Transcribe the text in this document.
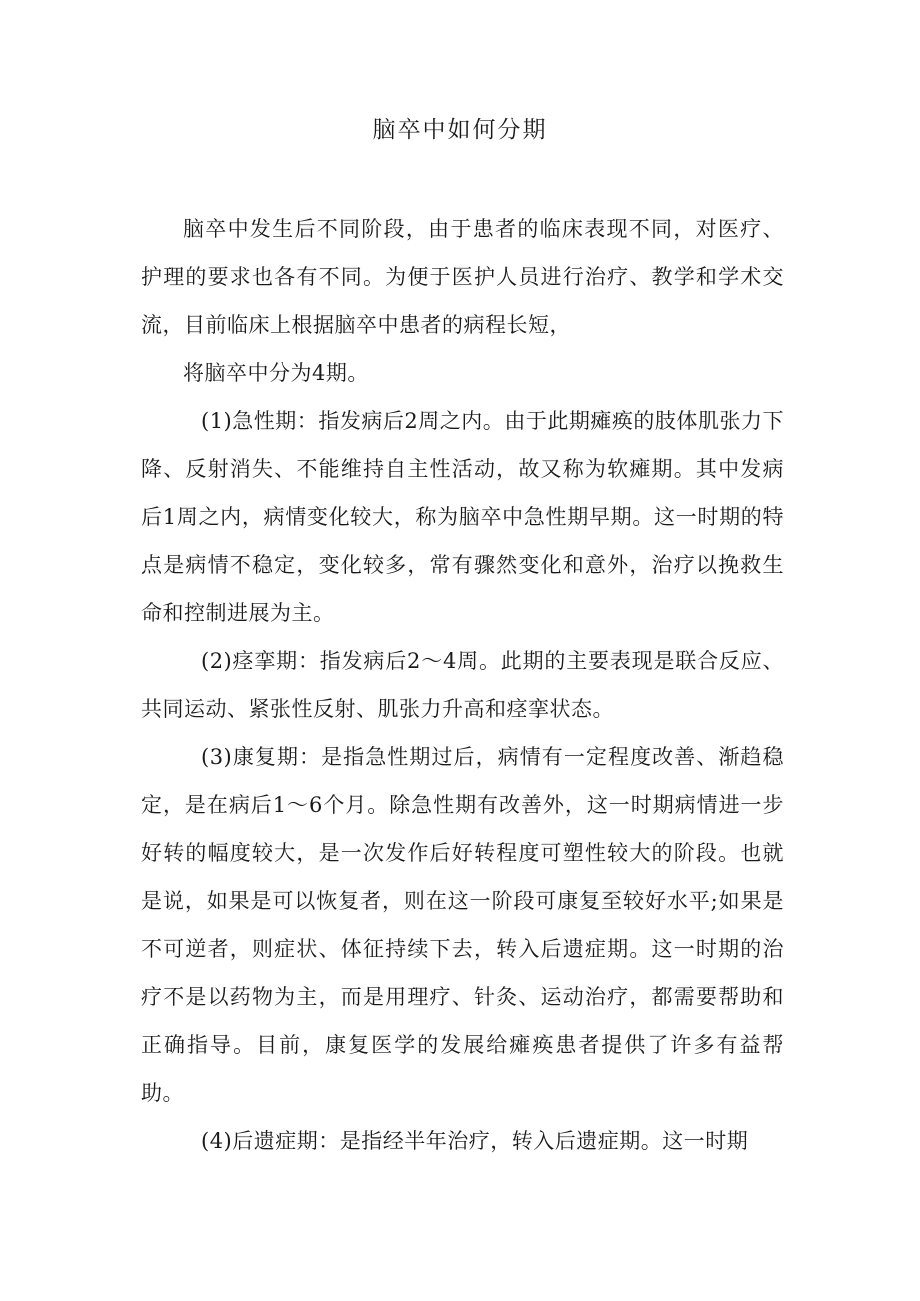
脑卒中如何分期

脑卒中发生后不同阶段，由于患者的临床表现不同，对医疗、护理的要求也各有不同。为便于医护人员进行治疗、教学和学术交流，目前临床上根据脑卒中患者的病程长短，

将脑卒中分为4期。

(1)急性期：指发病后2周之内。由于此期瘫痪的肢体肌张力下降、反射消失、不能维持自主性活动，故又称为软瘫期。其中发病后1周之内，病情变化较大，称为脑卒中急性期早期。这一时期的特点是病情不稳定，变化较多，常有骤然变化和意外，治疗以挽救生命和控制进展为主。

(2)痉挛期：指发病后2～4周。此期的主要表现是联合反应、共同运动、紧张性反射、肌张力升高和痉挛状态。

(3)康复期：是指急性期过后，病情有一定程度改善、渐趋稳定，是在病后1～6个月。除急性期有改善外，这一时期病情进一步好转的幅度较大，是一次发作后好转程度可塑性较大的阶段。也就是说，如果是可以恢复者，则在这一阶段可康复至较好水平;如果是不可逆者，则症状、体征持续下去，转入后遗症期。这一时期的治疗不是以药物为主，而是用理疗、针灸、运动治疗，都需要帮助和正确指导。目前，康复医学的发展给瘫痪患者提供了许多有益帮助。

(4)后遗症期：是指经半年治疗，转入后遗症期。这一时期
